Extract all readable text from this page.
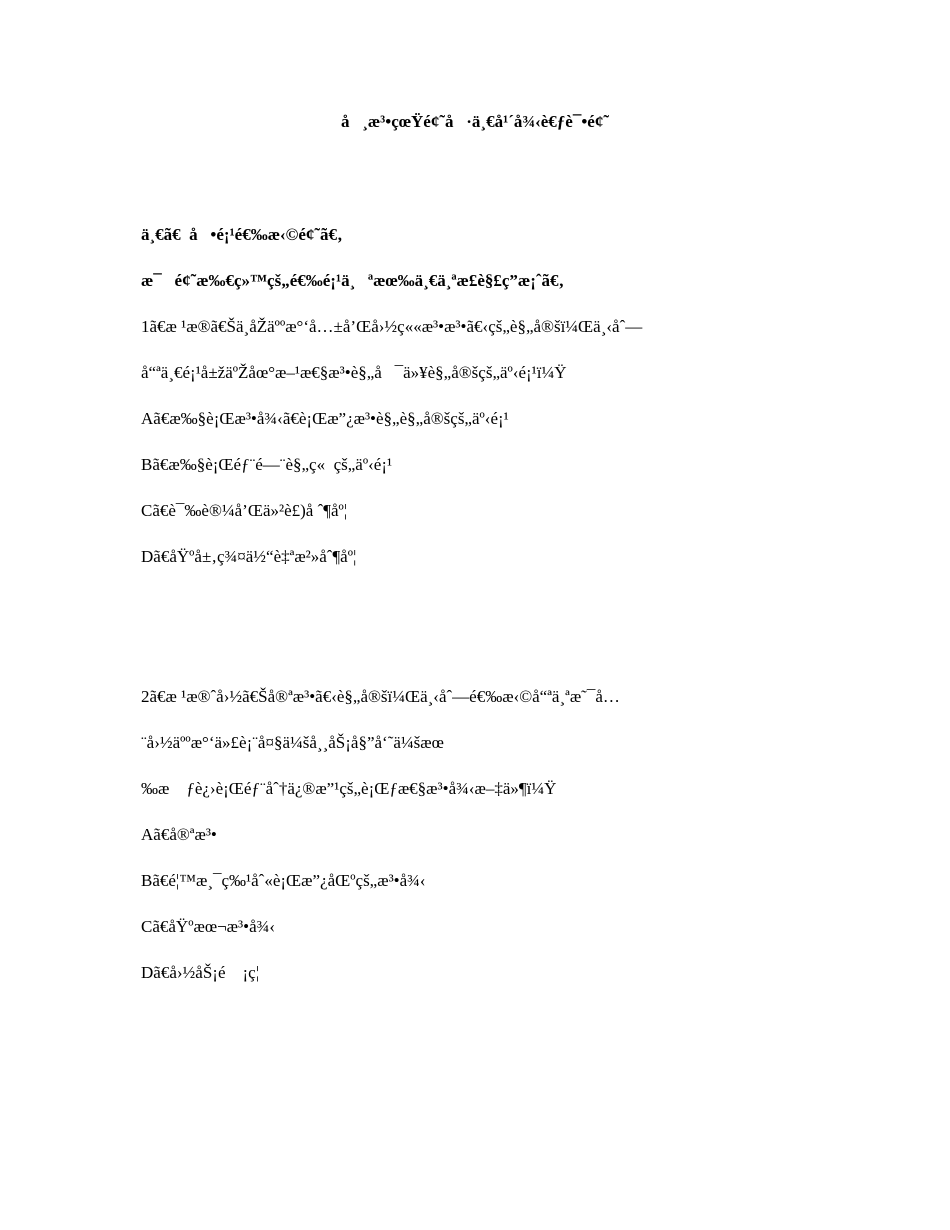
å   ¸æ³•çœŸé¢˜å   ·ä¸€å¹´å¾‹è€ƒè¯•é¢˜
ä¸€ã€  å   •é¡¹é€‰æ‹©é¢˜ã€‚
æ¯   é¢˜æ‰€ç»™çš„é€‰é¡¹ä¸   ªæœ‰ä¸€ä¸ªæ£è§£ç”æ¡ˆã€‚
1ã€æ ¹æ®ã€Šä¸åŽäººæ°‘å…±å’Œå›½ç««æ³•æ³•ã€‹çš„è§„å®šï¼Œä¸‹åˆ—
å“ªä¸€é¡¹å±žäºŽåœ°æ–¹æ€§æ³•è§„å   ¯ä»¥è§„å®šçš„äº‹é¡¹ï¼Ÿ
Aã€æ‰§è¡Œæ³•å¾‹ã€è¡Œæ”¿æ³•è§„è§„å®šçš„äº‹é¡¹
Bã€æ‰§è¡Œéƒ¨é—¨è§„ç«  çš„äº‹é¡¹
Cã€è¯‰è®¼å’Œä»²è£)å ˆ¶åº¦
Dã€åŸºå±‚ç¾¤ä½“è‡ªæ²»åˆ¶åº¦
2ã€æ ¹æ®ˆå›½ã€Šå®ªæ³•ã€‹è§„å®šï¼Œä¸‹åˆ—é€‰æ‹©å“ªä¸ªæ˜¯å…
¨å›½äººæ°‘ä»£è¡¨å¤§ä¼šå¸¸åŠ¡å§”å‘˜ä¼šæœ
‰æ    ƒè¿›è¡Œéƒ¨åˆ†ä¿®æ”¹çš„è¡Œƒæ€§æ³•å¾‹æ–‡ä»¶ï¼Ÿ
Aã€å®ªæ³•
Bã€é¦™æ¸¯ç‰¹åˆ«è¡Œæ”¿åŒºçš„æ³•å¾‹
Cã€åŸºæœ¬æ³•å¾‹
Dã€å›½åŠ¡é    ¡ç¦
